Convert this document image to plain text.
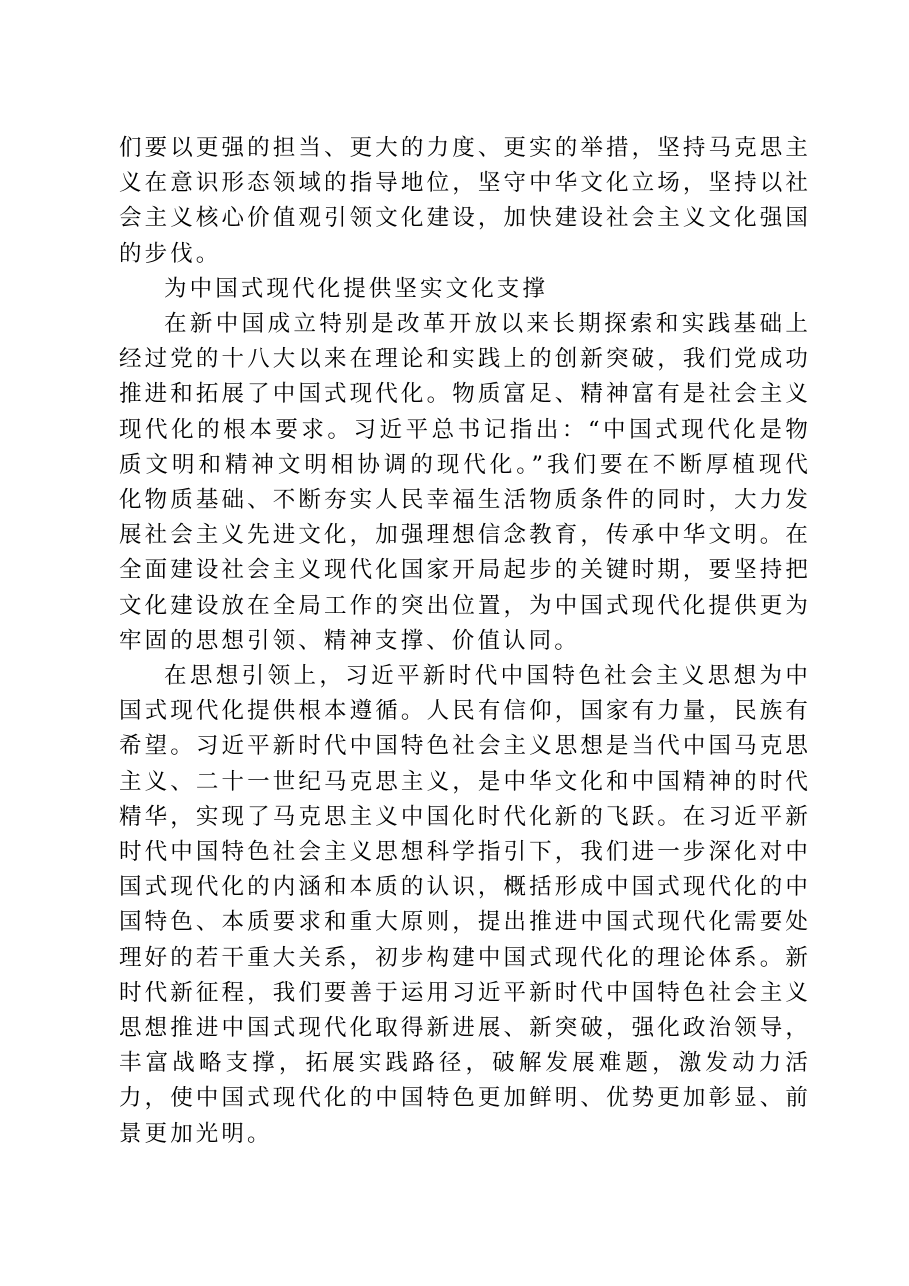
们要以更强的担当、更大的力度、更实的举措，坚持马克思主义在意识形态领域的指导地位，坚守中华文化立场，坚持以社会主义核心价值观引领文化建设，加快建设社会主义文化强国的步伐。

为中国式现代化提供坚实文化支撑

在新中国成立特别是改革开放以来长期探索和实践基础上经过党的十八大以来在理论和实践上的创新突破，我们党成功推进和拓展了中国式现代化。物质富足、精神富有是社会主义现代化的根本要求。习近平总书记指出：“中国式现代化是物质文明和精神文明相协调的现代化。”我们要在不断厚植现代化物质基础、不断夯实人民幸福生活物质条件的同时，大力发展社会主义先进文化，加强理想信念教育，传承中华文明。在全面建设社会主义现代化国家开局起步的关键时期，要坚持把文化建设放在全局工作的突出位置，为中国式现代化提供更为牢固的思想引领、精神支撑、价值认同。

在思想引领上，习近平新时代中国特色社会主义思想为中国式现代化提供根本遵循。人民有信仰，国家有力量，民族有希望。习近平新时代中国特色社会主义思想是当代中国马克思主义、二十一世纪马克思主义，是中华文化和中国精神的时代精华，实现了马克思主义中国化时代化新的飞跃。在习近平新时代中国特色社会主义思想科学指引下，我们进一步深化对中国式现代化的内涵和本质的认识，概括形成中国式现代化的中国特色、本质要求和重大原则，提出推进中国式现代化需要处理好的若干重大关系，初步构建中国式现代化的理论体系。新时代新征程，我们要善于运用习近平新时代中国特色社会主义思想推进中国式现代化取得新进展、新突破，强化政治领导，丰富战略支撑，拓展实践路径，破解发展难题，激发动力活力，使中国式现代化的中国特色更加鲜明、优势更加彰显、前景更加光明。
